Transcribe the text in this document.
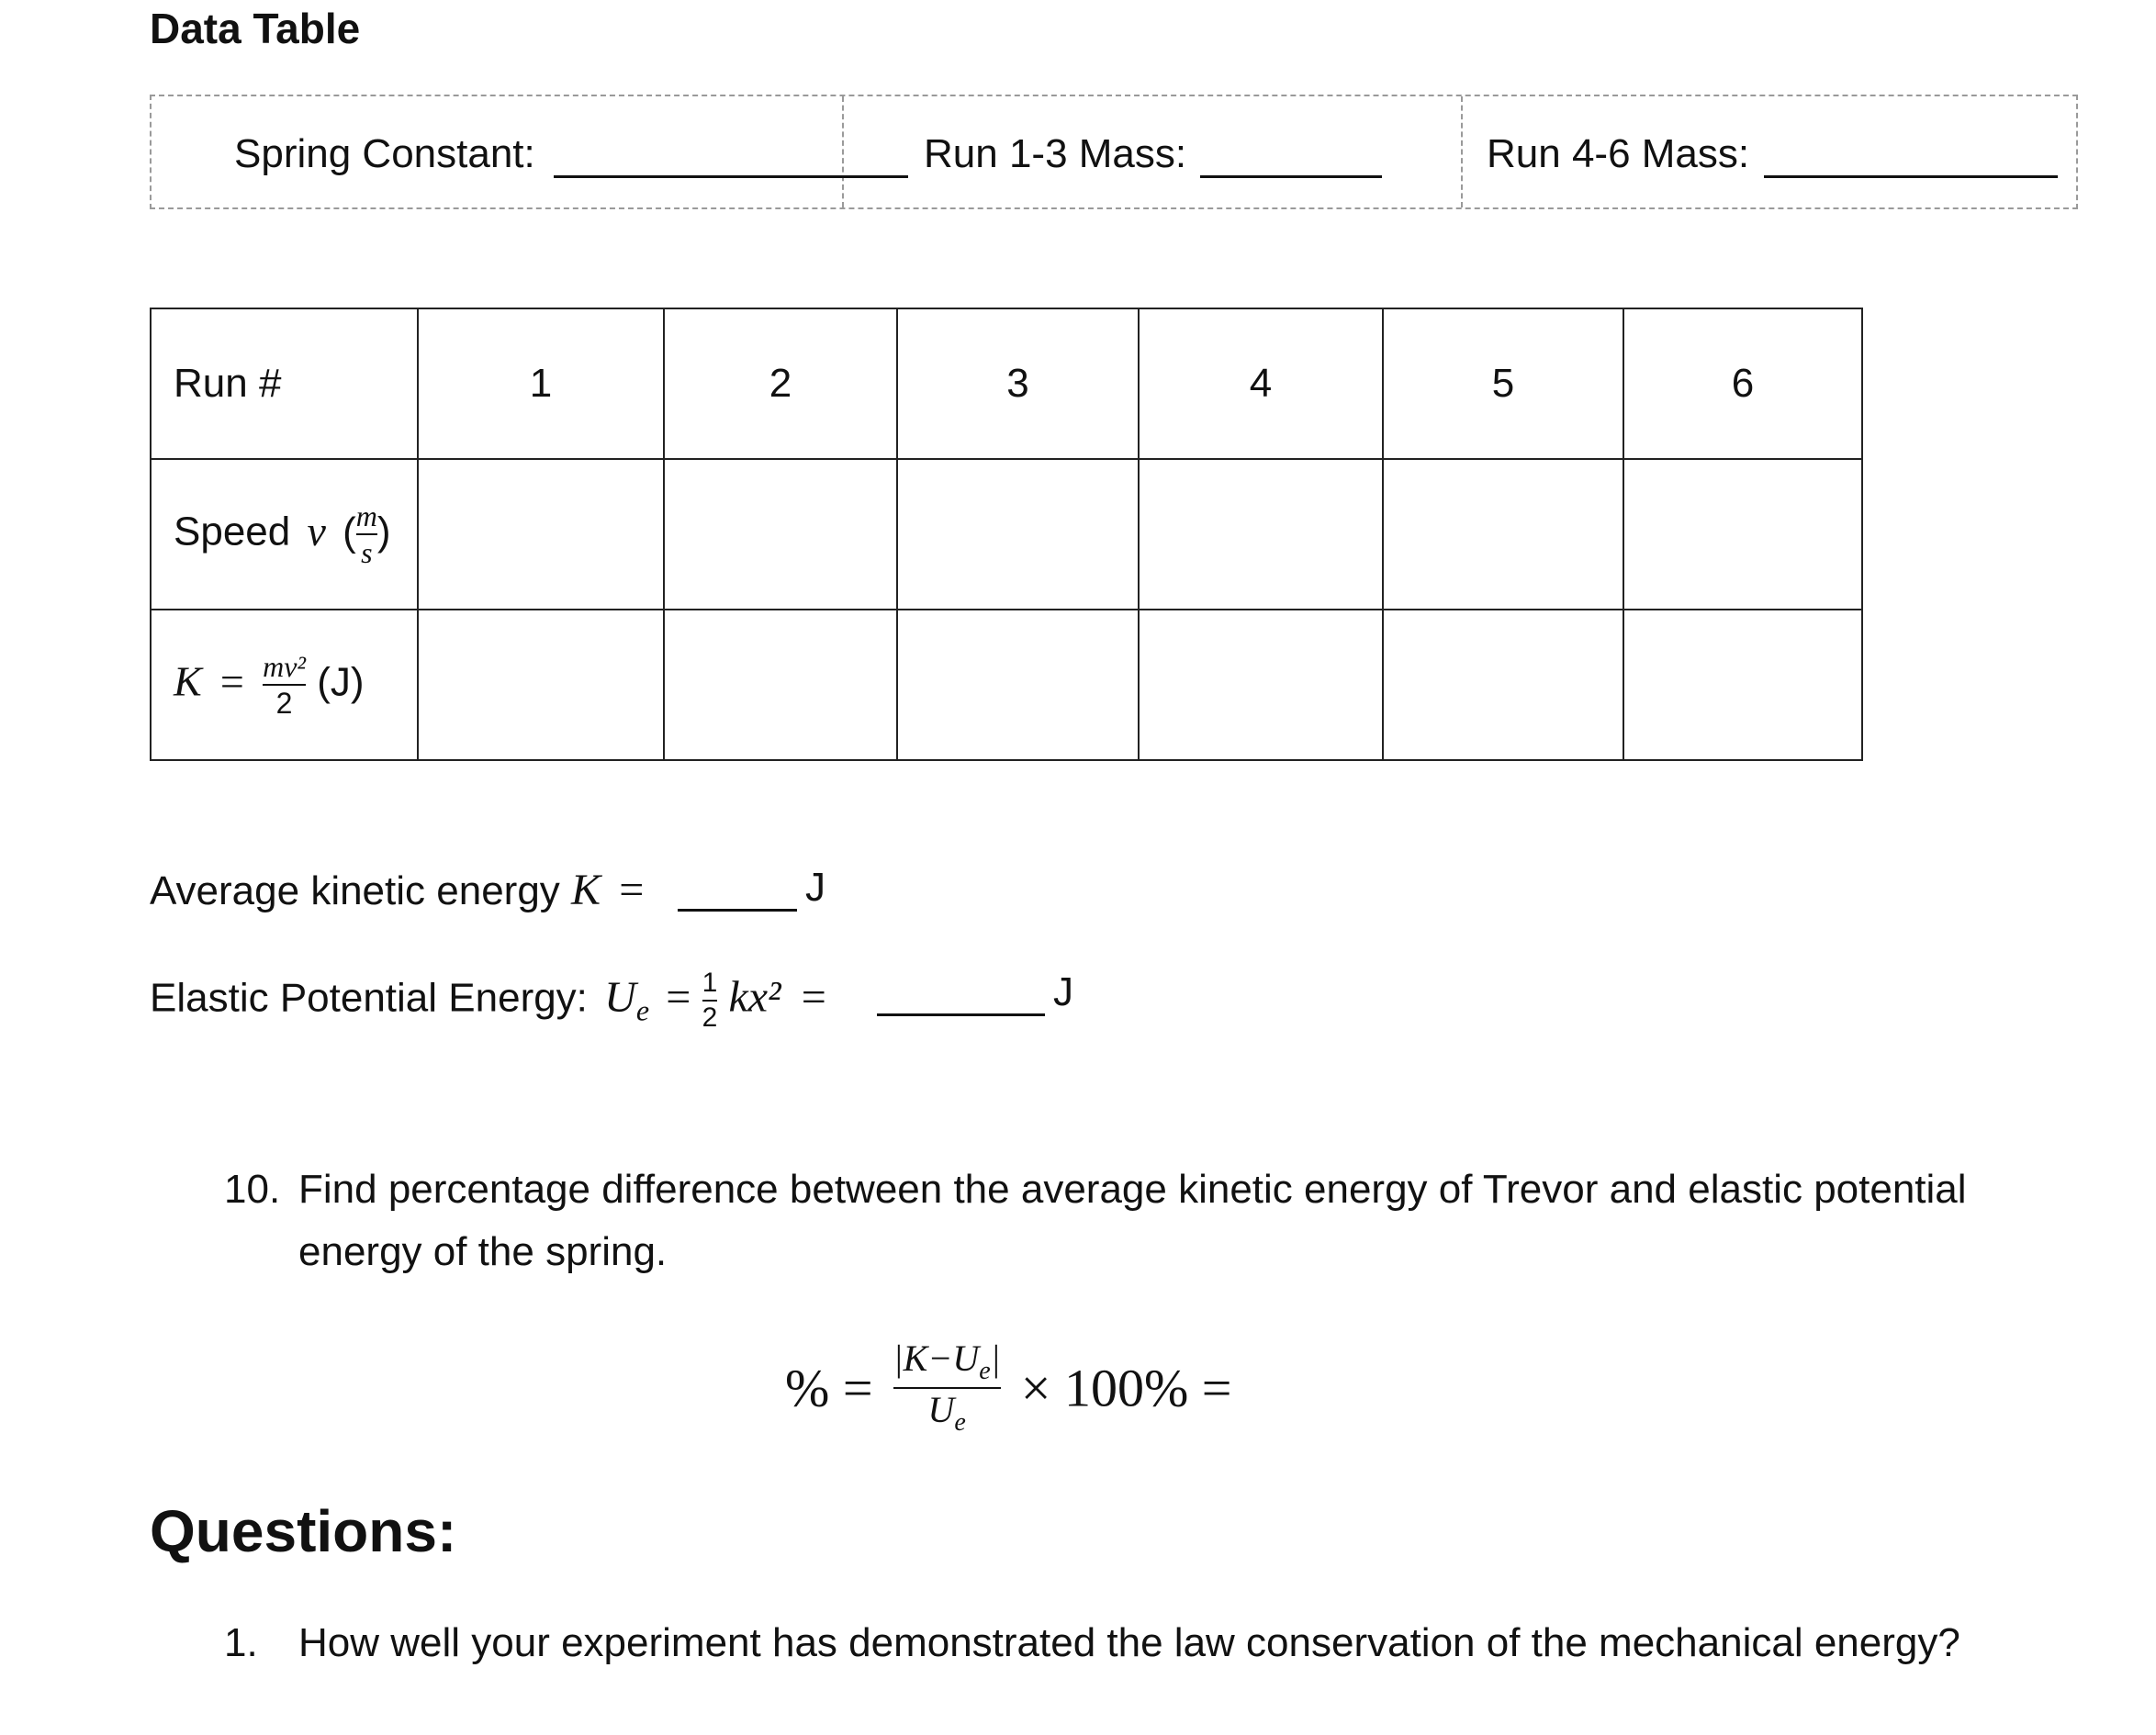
Data Table
Spring Constant:	Run 1-3 Mass:	Run 4-6 Mass:
Run #	1	2	3	4	5	6
Speed v ( $\frac{m}{s}$ )						
$K = \frac{\text{mv²}}{2} (J)$						
Average kinetic energy K =	J
Elastic Potential Energy: $U_e = \frac{1}{2} kx^2$ =	J
10. Find percentage difference between the average kinetic energy of Trevor and elastic potential energy of the spring.
% = $\frac{|K-U_e|}{U_e} \times 100\%$ =
Questions:
1. How well your experiment has demonstrated the law conservation of the mechanical energy?
